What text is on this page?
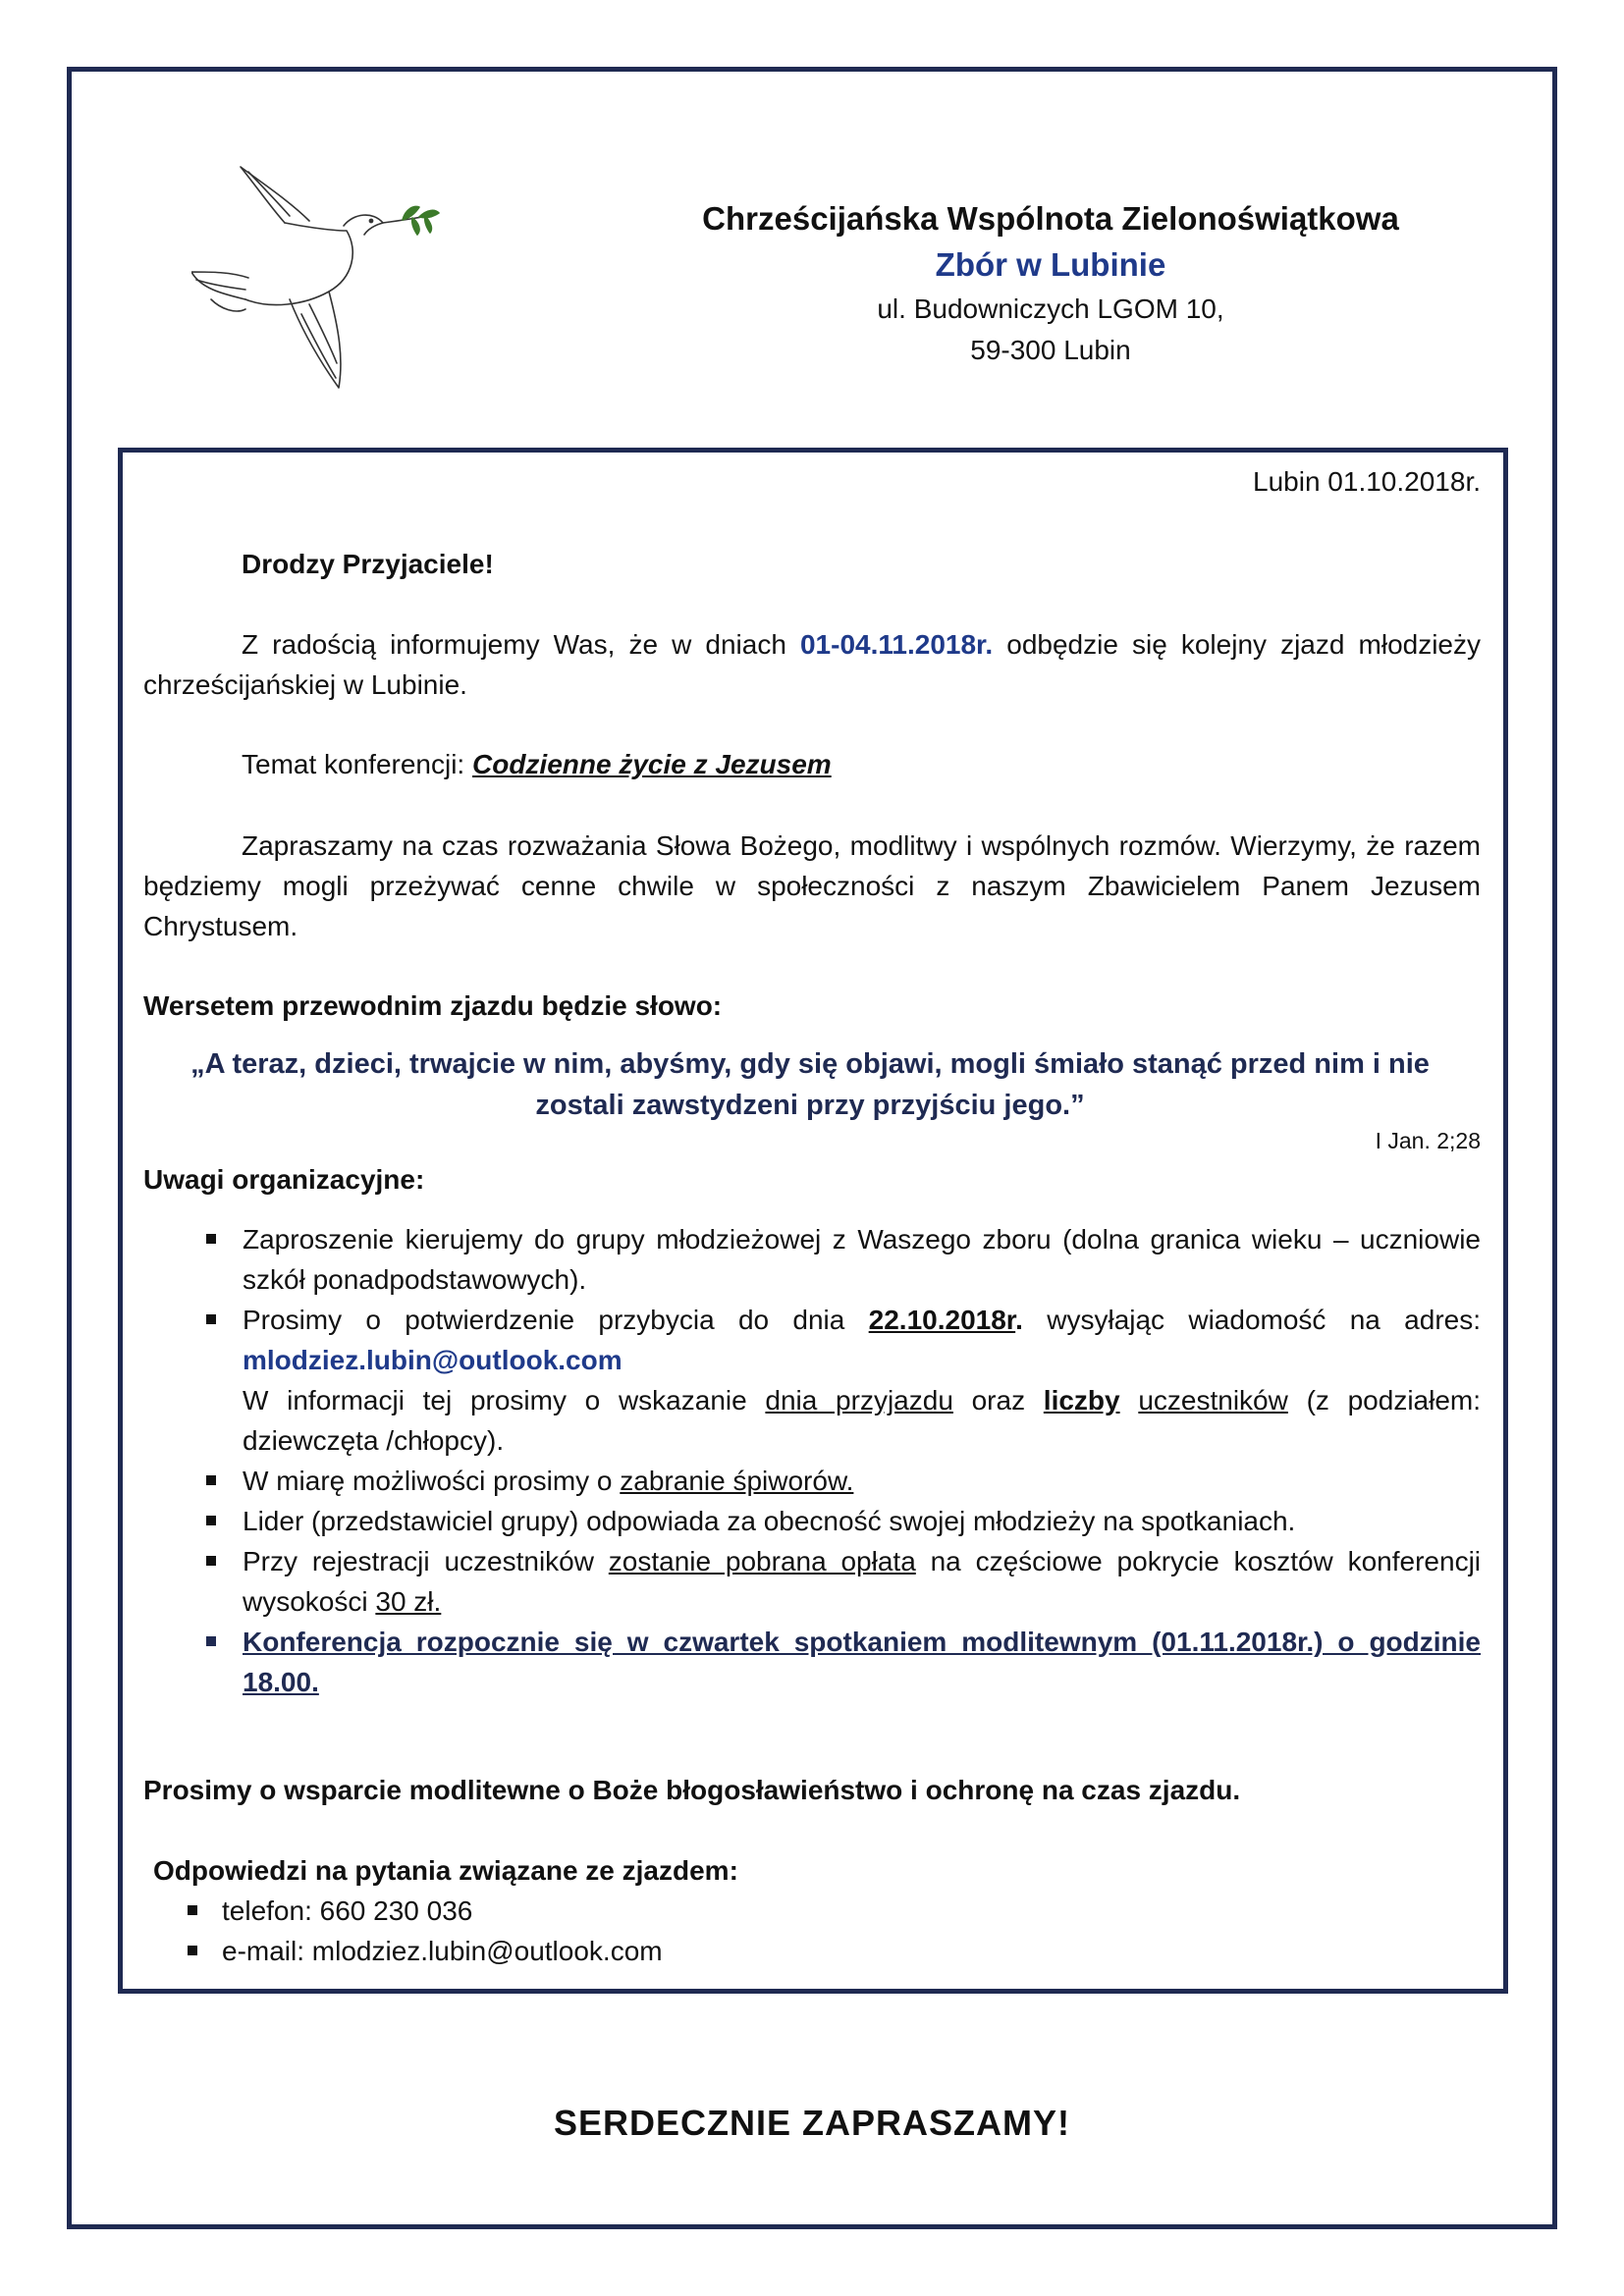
Chrześcijańska Wspólnota Zielonoświątkowa
Zbór w Lubinie
ul. Budowniczych LGOM 10,
59-300 Lubin
Lubin 01.10.2018r.
Drodzy Przyjaciele!
Z radością informujemy Was, że w dniach 01-04.11.2018r. odbędzie się kolejny zjazd młodzieży chrześcijańskiej w Lubinie.
Temat konferencji: Codzienne życie z Jezusem
Zapraszamy na czas rozważania Słowa Bożego, modlitwy i wspólnych rozmów. Wierzymy, że razem będziemy mogli przeżywać cenne chwile w społeczności z naszym Zbawicielem Panem Jezusem Chrystusem.
Wersetem przewodnim zjazdu będzie słowo:
„A teraz, dzieci, trwajcie w nim, abyśmy, gdy się objawi, mogli śmiało stanąć przed nim i nie zostali zawstydzeni przy przyjściu jego.”
I Jan. 2;28
Uwagi organizacyjne:
Zaproszenie kierujemy do grupy młodzieżowej z Waszego zboru (dolna granica wieku – uczniowie szkół ponadpodstawowych).
Prosimy o potwierdzenie przybycia do dnia 22.10.2018r. wysyłając wiadomość na adres: mlodziez.lubin@outlook.com
W informacji tej prosimy o wskazanie dnia przyjazdu oraz liczby uczestników (z podziałem: dziewczęta /chłopcy).
W miarę możliwości prosimy o zabranie śpiworów.
Lider (przedstawiciel grupy) odpowiada za obecność swojej młodzieży na spotkaniach.
Przy rejestracji uczestników zostanie pobrana opłata na częściowe pokrycie kosztów konferencji wysokości 30 zł.
Konferencja rozpocznie się w czwartek spotkaniem modlitewnym (01.11.2018r.) o godzinie 18.00.
Prosimy o wsparcie modlitewne o Boże błogosławieństwo i ochronę na czas zjazdu.
Odpowiedzi na pytania związane ze zjazdem:
telefon: 660 230 036
e-mail: mlodziez.lubin@outlook.com
SERDECZNIE ZAPRASZAMY!
